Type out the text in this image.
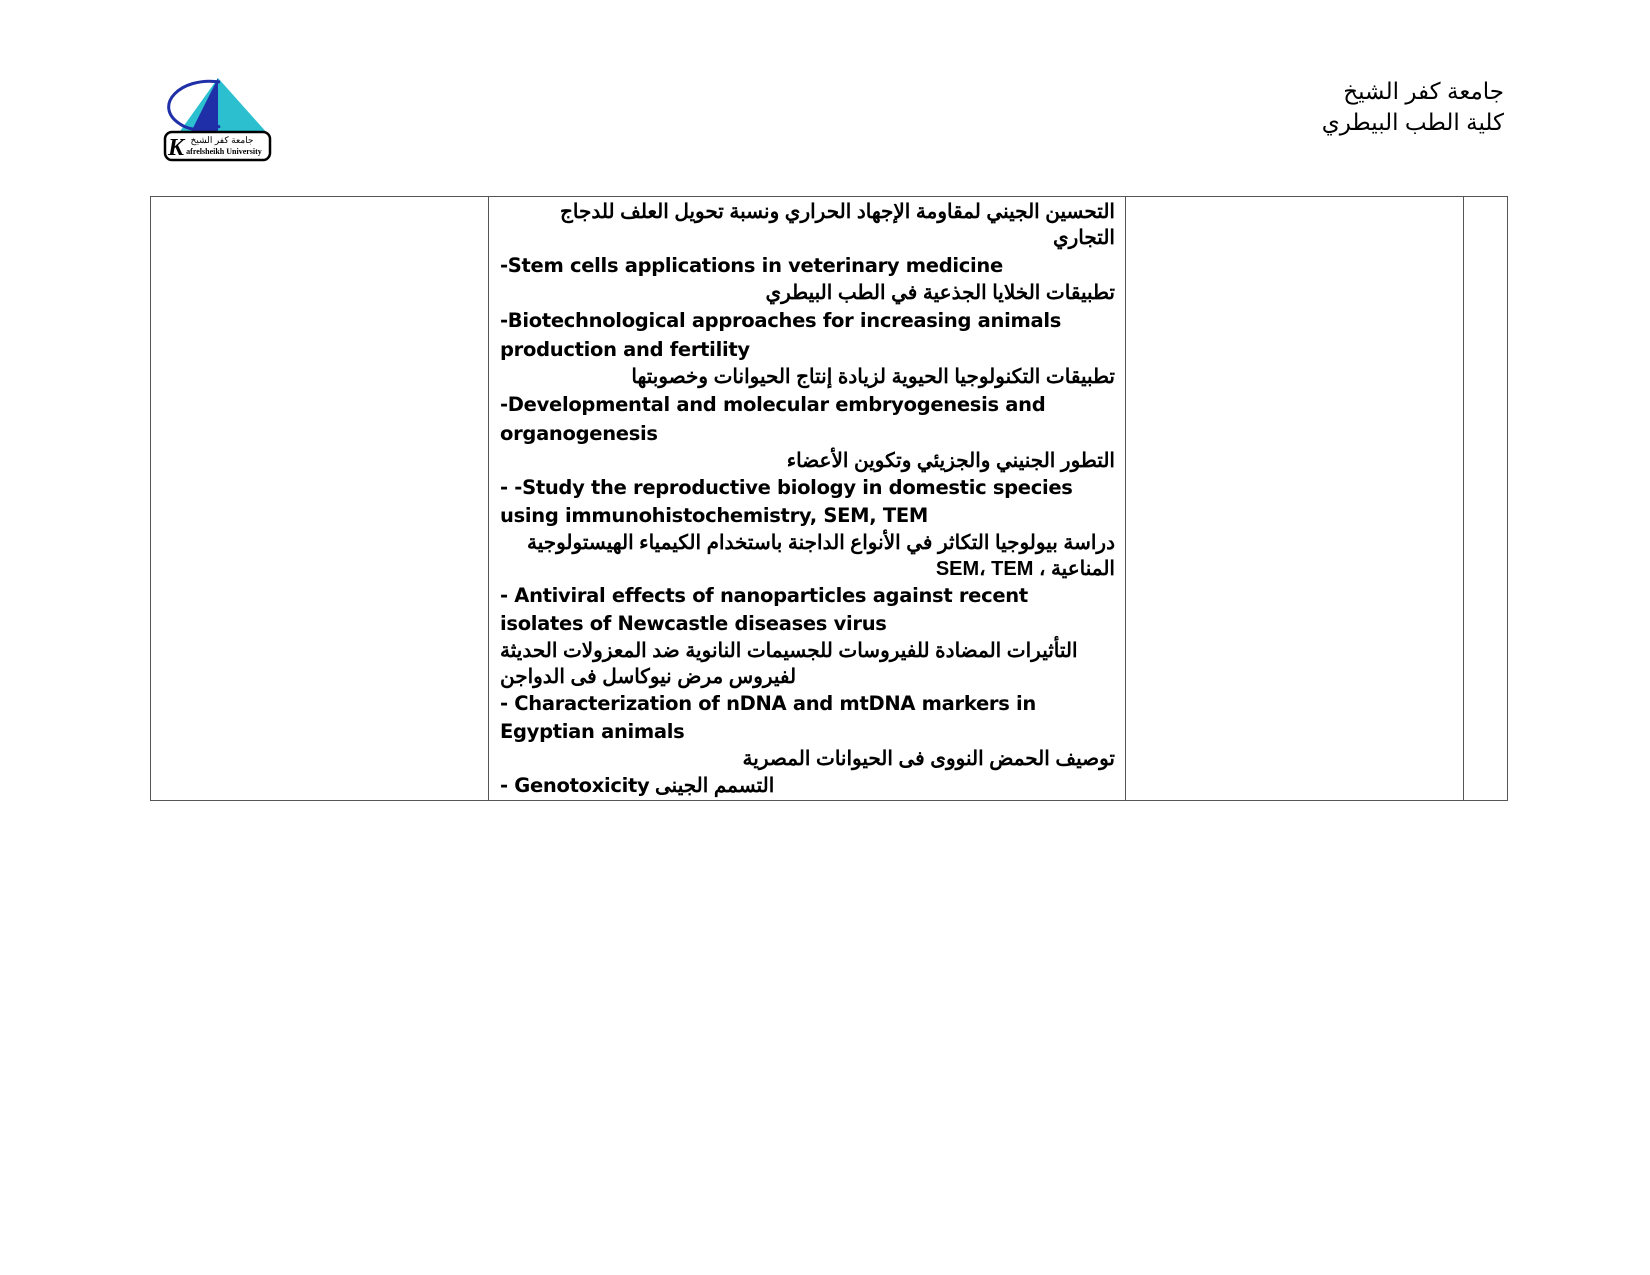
K جامعة كفر الشيخ
afrelsheikh University
جامعة كفر الشيخ
كلية الطب البيطري

التحسين الجيني لمقاومة الإجهاد الحراري ونسبة تحويل العلف للدجاج التجاري
-Stem cells applications in veterinary medicine
تطبيقات الخلايا الجذعية في الطب البيطري
-Biotechnological approaches for increasing animals production and fertility
تطبيقات التكنولوجيا الحيوية لزيادة إنتاج الحيوانات وخصوبتها
-Developmental and molecular embryogenesis and organogenesis
التطور الجنيني والجزيئي وتكوين الأعضاء
- -Study the reproductive biology in domestic species using immunohistochemistry, SEM, TEM
دراسة بيولوجيا التكاثر في الأنواع الداجنة باستخدام الكيمياء الهيستولوجية المناعية ، SEM، TEM
- Antiviral effects of nanoparticles against recent isolates of Newcastle diseases virus
التأثيرات المضادة للفيروسات للجسيمات النانوية ضد المعزولات الحديثة لفيروس مرض نيوكاسل فى الدواجن
- Characterization of nDNA and mtDNA markers in Egyptian animals
توصيف الحمض النووى فى الحيوانات المصرية
- Genotoxicity التسمم الجينى
